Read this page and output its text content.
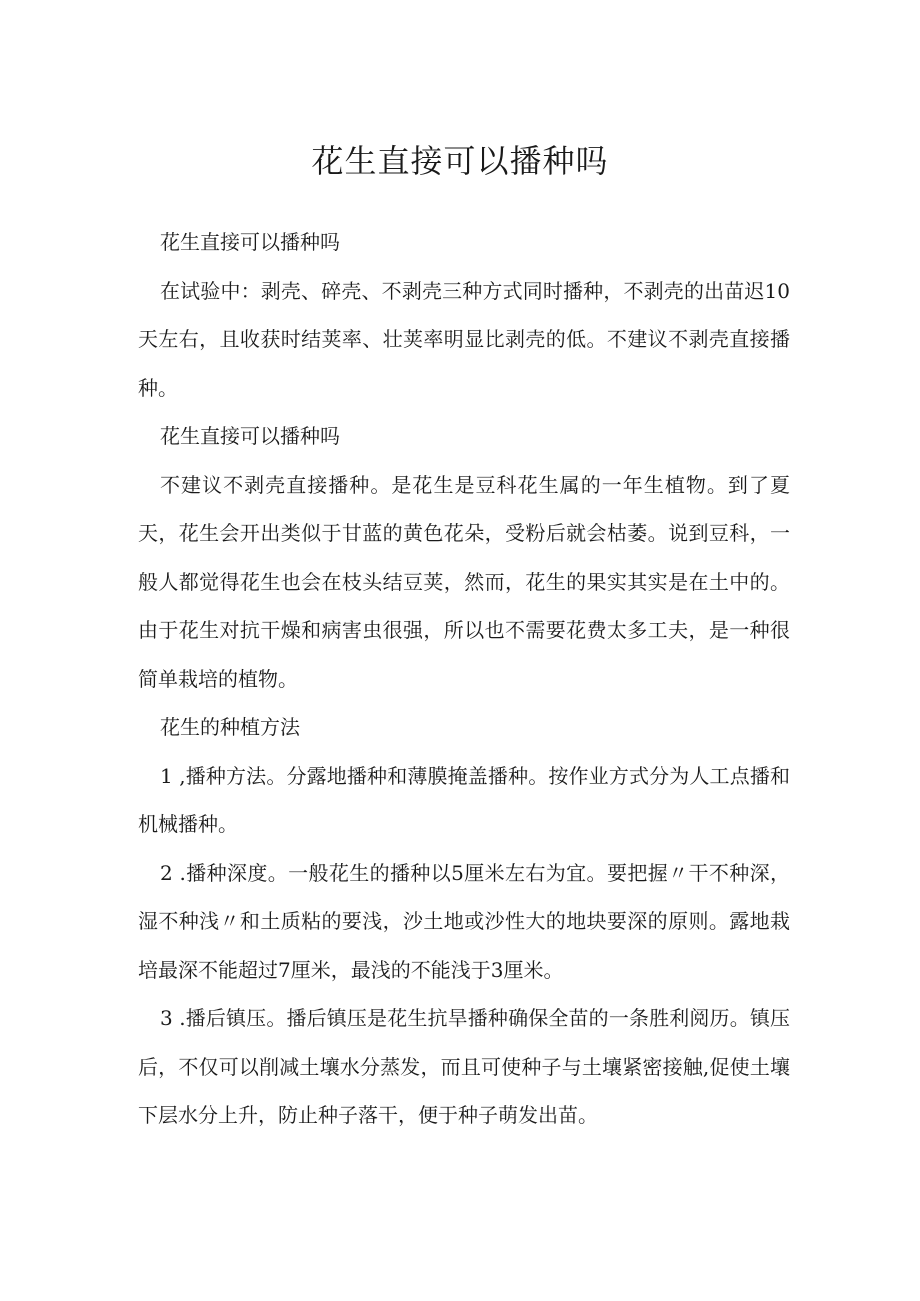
花生直接可以播种吗

花生直接可以播种吗

在试验中：剥壳、碎壳、不剥壳三种方式同时播种，不剥壳的出苗迟10天左右，且收获时结荚率、壮荚率明显比剥壳的低。不建议不剥壳直接播种。

花生直接可以播种吗

不建议不剥壳直接播种。是花生是豆科花生属的一年生植物。到了夏天，花生会开出类似于甘蓝的黄色花朵，受粉后就会枯萎。说到豆科，一般人都觉得花生也会在枝头结豆荚，然而，花生的果实其实是在土中的。由于花生对抗干燥和病害虫很强，所以也不需要花费太多工夫，是一种很简单栽培的植物。

花生的种植方法

1 ,播种方法。分露地播种和薄膜掩盖播种。按作业方式分为人工点播和机械播种。

2 .播种深度。一般花生的播种以5厘米左右为宜。要把握〃干不种深，湿不种浅〃和土质粘的要浅，沙土地或沙性大的地块要深的原则。露地栽培最深不能超过7厘米，最浅的不能浅于3厘米。

3 .播后镇压。播后镇压是花生抗旱播种确保全苗的一条胜利阅历。镇压后，不仅可以削减土壤水分蒸发，而且可使种子与土壤紧密接触,促使土壤下层水分上升，防止种子落干，便于种子萌发出苗。
